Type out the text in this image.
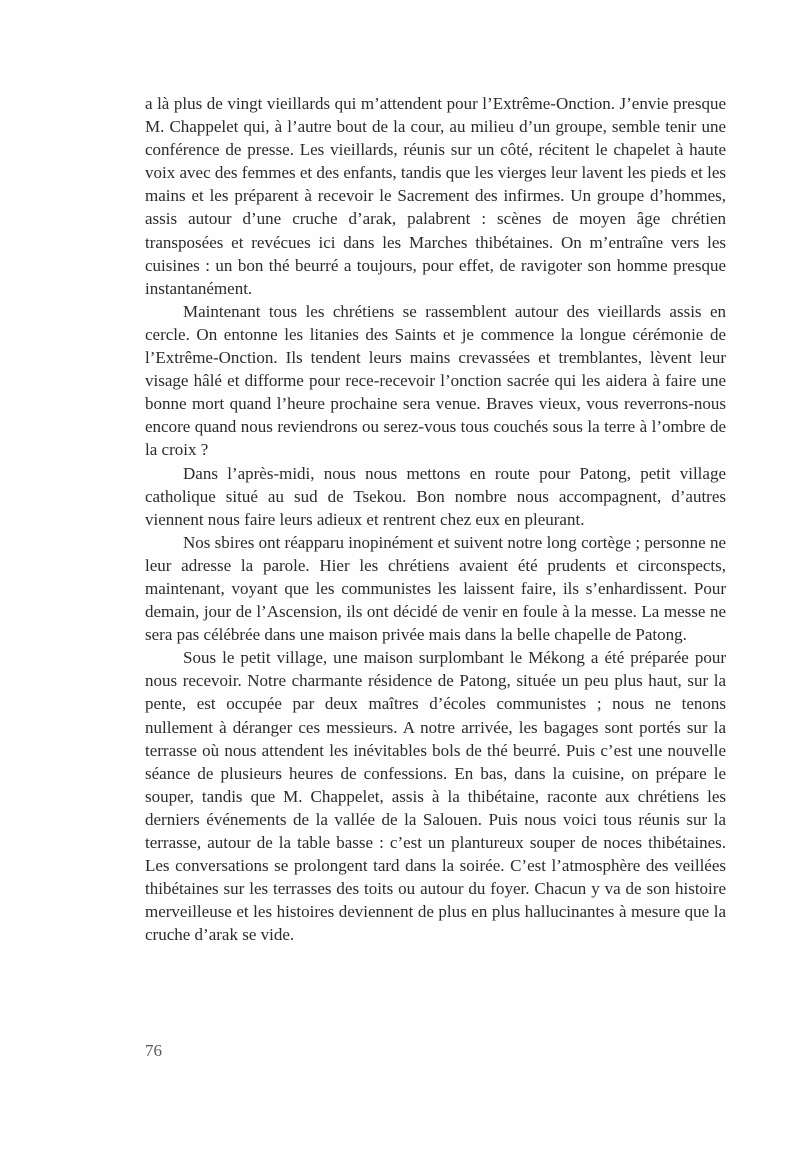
a là plus de vingt vieillards qui m’attendent pour l’Extrême-Onction. J’envie presque M. Chappelet qui, à l’autre bout de la cour, au milieu d’un groupe, semble tenir une conférence de presse. Les vieillards, réunis sur un côté, récitent le chapelet à haute voix avec des femmes et des enfants, tandis que les vierges leur lavent les pieds et les mains et les préparent à recevoir le Sacrement des infirmes. Un groupe d’hommes, assis autour d’une cruche d’arak, palabrent : scènes de moyen âge chrétien transposées et revécues ici dans les Marches thibétaines. On m’entraîne vers les cuisines : un bon thé beurré a toujours, pour effet, de ravigoter son homme presque instantanément.

Maintenant tous les chrétiens se rassemblent autour des vieillards assis en cercle. On entonne les litanies des Saints et je commence la longue cérémonie de l’Extrême-Onction. Ils tendent leurs mains crevassées et tremblantes, lèvent leur visage hâlé et difforme pour rece-recevoir l’onction sacrée qui les aidera à faire une bonne mort quand l’heure prochaine sera venue. Braves vieux, vous reverrons-nous encore quand nous reviendrons ou serez-vous tous couchés sous la terre à l’ombre de la croix ?

Dans l’après-midi, nous nous mettons en route pour Patong, petit village catholique situé au sud de Tsekou. Bon nombre nous accompagnent, d’autres viennent nous faire leurs adieux et rentrent chez eux en pleurant.

Nos sbires ont réapparu inopinément et suivent notre long cortège ; personne ne leur adresse la parole. Hier les chrétiens avaient été prudents et circonspects, maintenant, voyant que les communistes les laissent faire, ils s’enhardissent. Pour demain, jour de l’Ascension, ils ont décidé de venir en foule à la messe. La messe ne sera pas célébrée dans une maison privée mais dans la belle chapelle de Patong.

Sous le petit village, une maison surplombant le Mékong a été préparée pour nous recevoir. Notre charmante résidence de Patong, située un peu plus haut, sur la pente, est occupée par deux maîtres d’écoles communistes ; nous ne tenons nullement à déranger ces messieurs. A notre arrivée, les bagages sont portés sur la terrasse où nous attendent les inévitables bols de thé beurré. Puis c’est une nouvelle séance de plusieurs heures de confessions. En bas, dans la cuisine, on prépare le souper, tandis que M. Chappelet, assis à la thibétaine, raconte aux chrétiens les derniers événements de la vallée de la Salouen. Puis nous voici tous réunis sur la terrasse, autour de la table basse : c’est un plantureux souper de noces thibétaines. Les conversations se prolongent tard dans la soirée. C’est l’atmosphère des veillées thibétaines sur les terrasses des toits ou autour du foyer. Chacun y va de son histoire merveilleuse et les histoires deviennent de plus en plus hallucinantes à mesure que la cruche d’arak se vide.

76
